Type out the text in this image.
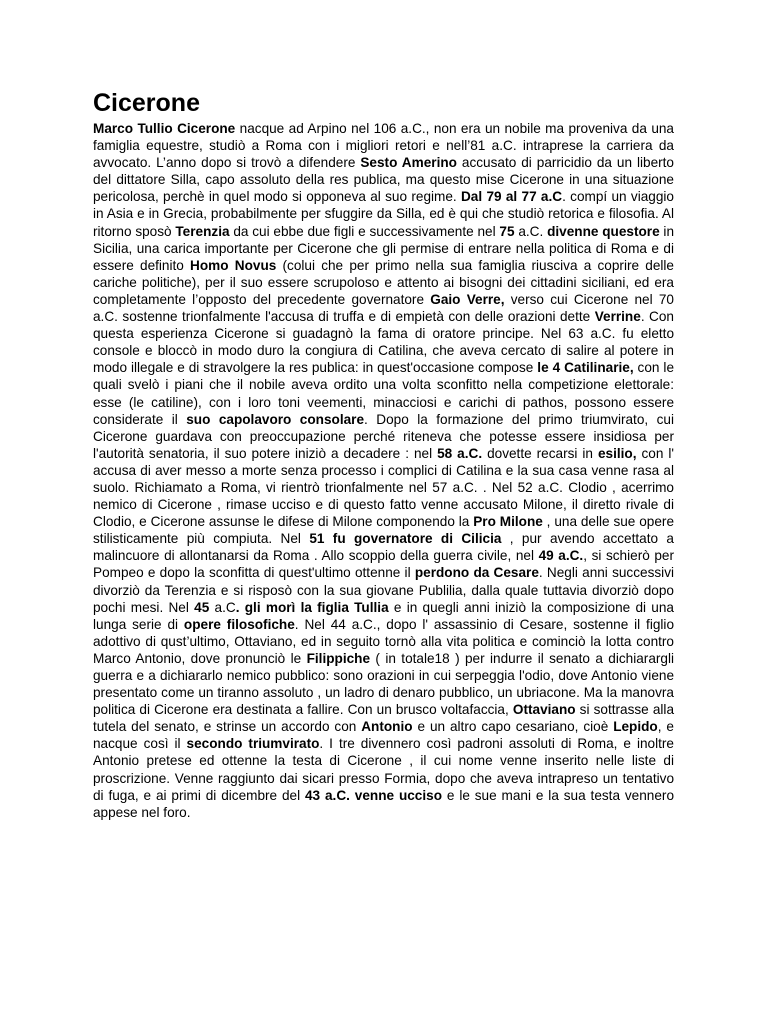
Cicerone

Marco Tullio Cicerone nacque ad Arpino nel 106 a.C., non era un nobile ma proveniva da una famiglia equestre, studiò a Roma con i migliori retori e nell’81 a.C. intraprese la carriera da avvocato. L’anno dopo si trovò a difendere Sesto Amerino accusato di parricidio da un liberto del dittatore Silla, capo assoluto della res publica, ma questo mise Cicerone in una situazione pericolosa, perchè in quel modo si opponeva al suo regime. Dal 79 al 77 a.C. compí un viaggio in Asia e in Grecia, probabilmente per sfuggire da Silla, ed è qui che studiò retorica e filosofia. Al ritorno sposò Terenzia da cui ebbe due figli e successivamente nel 75 a.C. divenne questore in Sicilia, una carica importante per Cicerone che gli permise di entrare nella politica di Roma e di essere definito Homo Novus (colui che per primo nella sua famiglia riusciva a coprire delle cariche politiche), per il suo essere scrupoloso e attento ai bisogni dei cittadini siciliani, ed era completamente l’opposto del precedente governatore Gaio Verre, verso cui Cicerone nel 70 a.C. sostenne trionfalmente l'accusa di truffa e di empietà con delle orazioni dette Verrine. Con questa esperienza Cicerone si guadagnò la fama di oratore principe. Nel 63 a.C. fu eletto console e bloccò in modo duro la congiura di Catilina, che aveva cercato di salire al potere in modo illegale e di stravolgere la res publica: in quest'occasione compose le 4 Catilinarie, con le quali svelò i piani che il nobile aveva ordito una volta sconfitto nella competizione elettorale: esse (le catiline), con i loro toni veementi, minacciosi e carichi di pathos, possono essere considerate il suo capolavoro consolare. Dopo la formazione del primo triumvirato, cui Cicerone guardava con preoccupazione perché riteneva che potesse essere insidiosa per l'autorità senatoria, il suo potere iniziò a decadere : nel 58 a.C. dovette recarsi in esilio, con l' accusa di aver messo a morte senza processo i complici di Catilina e la sua casa venne rasa al suolo. Richiamato a Roma, vi rientrò trionfalmente nel 57 a.C. . Nel 52 a.C. Clodio , acerrimo nemico di Cicerone , rimase ucciso e di questo fatto venne accusato Milone, il diretto rivale di Clodio, e Cicerone assunse le difese di Milone componendo la Pro Milone , una delle sue opere stilisticamente più compiuta. Nel 51 fu governatore di Cilicia , pur avendo accettato a malincuore di allontanarsi da Roma . Allo scoppio della guerra civile, nel 49 a.C., si schierò per Pompeo e dopo la sconfitta di quest'ultimo ottenne il perdono da Cesare. Negli anni successivi divorziò da Terenzia e si risposò con la sua giovane Publilia, dalla quale tuttavia divorziò dopo pochi mesi. Nel 45 a.C. gli morì la figlia Tullia e in quegli anni iniziò la composizione di una lunga serie di opere filosofiche. Nel 44 a.C., dopo l' assassinio di Cesare, sostenne il figlio adottivo di qust’ultimo, Ottaviano, ed in seguito tornò alla vita politica e cominciò la lotta contro Marco Antonio, dove pronunciò le Filippiche ( in totale18 ) per indurre il senato a dichiarargli guerra e a dichiararlo nemico pubblico: sono orazioni in cui serpeggia l'odio, dove Antonio viene presentato come un tiranno assoluto , un ladro di denaro pubblico, un ubriacone. Ma la manovra politica di Cicerone era destinata a fallire. Con un brusco voltafaccia, Ottaviano si sottrasse alla tutela del senato, e strinse un accordo con Antonio e un altro capo cesariano, cioè Lepido, e nacque così il secondo triumvirato. I tre divennero così padroni assoluti di Roma, e inoltre Antonio pretese ed ottenne la testa di Cicerone , il cui nome venne inserito nelle liste di proscrizione. Venne raggiunto dai sicari presso Formia, dopo che aveva intrapreso un tentativo di fuga, e ai primi di dicembre del 43 a.C. venne ucciso e le sue mani e la sua testa vennero appese nel foro.
